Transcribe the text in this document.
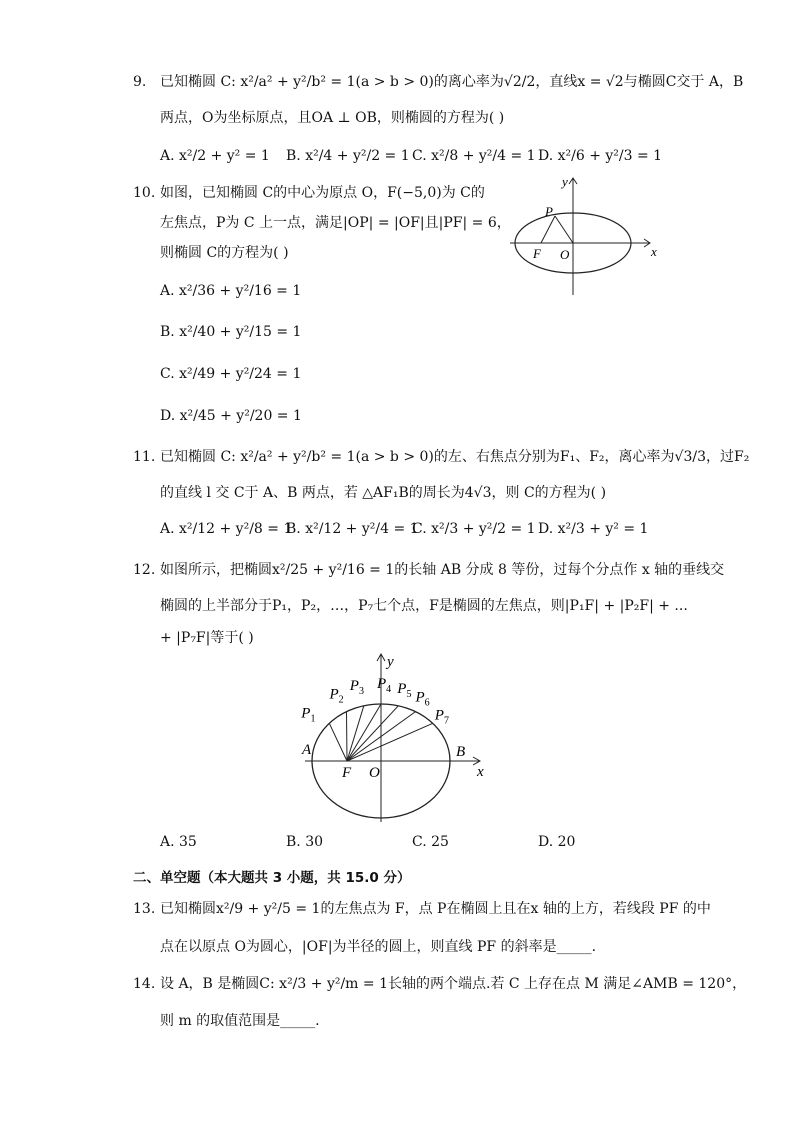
9. 已知椭圆 C: x²/a² + y²/b² = 1(a > b > 0)的离心率为√2/2，直线x = √2与椭圆C交于 A，B
两点，O为坐标原点，且OA ⊥ OB，则椭圆的方程为( )
A. x²/2 + y² = 1 B. x²/4 + y²/2 = 1 C. x²/8 + y²/4 = 1 D. x²/6 + y²/3 = 1
10. 如图，已知椭圆 C的中心为原点 O，F(−5,0)为 C的
左焦点，P为 C 上一点，满足|OP| = |OF|且|PF| = 6，
则椭圆 C的方程为( )
A. x²/36 + y²/16 = 1
B. x²/40 + y²/15 = 1
C. x²/49 + y²/24 = 1
D. x²/45 + y²/20 = 1
y
x
P
F O
11. 已知椭圆 C: x²/a² + y²/b² = 1(a > b > 0)的左、右焦点分别为F₁、F₂，离心率为√3/3，过F₂
的直线 l 交 C于 A、B 两点，若 △AF₁B的周长为4√3，则 C的方程为( )
A. x²/12 + y²/8 = 1
B. x²/12 + y²/4 = 1
C. x²/3 + y²/2 = 1 D. x²/3 + y² = 1
12. 如图所示，把椭圆x²/25 + y²/16 = 1的长轴 AB 分成 8 等份，过每个分点作 x 轴的垂线交
椭圆的上半部分于P₁，P₂，…，P₇七个点，F是椭圆的左焦点，则|P₁F| + |P₂F| + ...
+ |P₇F|等于( )
$P_1$
$P_2$
$P_3$ $P_4$ $P_5$ $P_6$
$P_7$
y
x
A	B
F O
A. 35	B. 30	C. 25	D. 20
二、单空题（本大题共 3 小题，共 15.0 分）
13. 已知椭圆x²/9 + y²/5 = 1的左焦点为 F，点 P在椭圆上且在x 轴的上方，若线段 PF 的中
点在以原点 O为圆心，|OF|为半径的圆上，则直线 PF 的斜率是_____.
14. 设 A，B 是椭圆C: x²/3 + y²/m = 1长轴的两个端点.若 C 上存在点 M 满足∠AMB = 120°，
则 m 的取值范围是_____.
